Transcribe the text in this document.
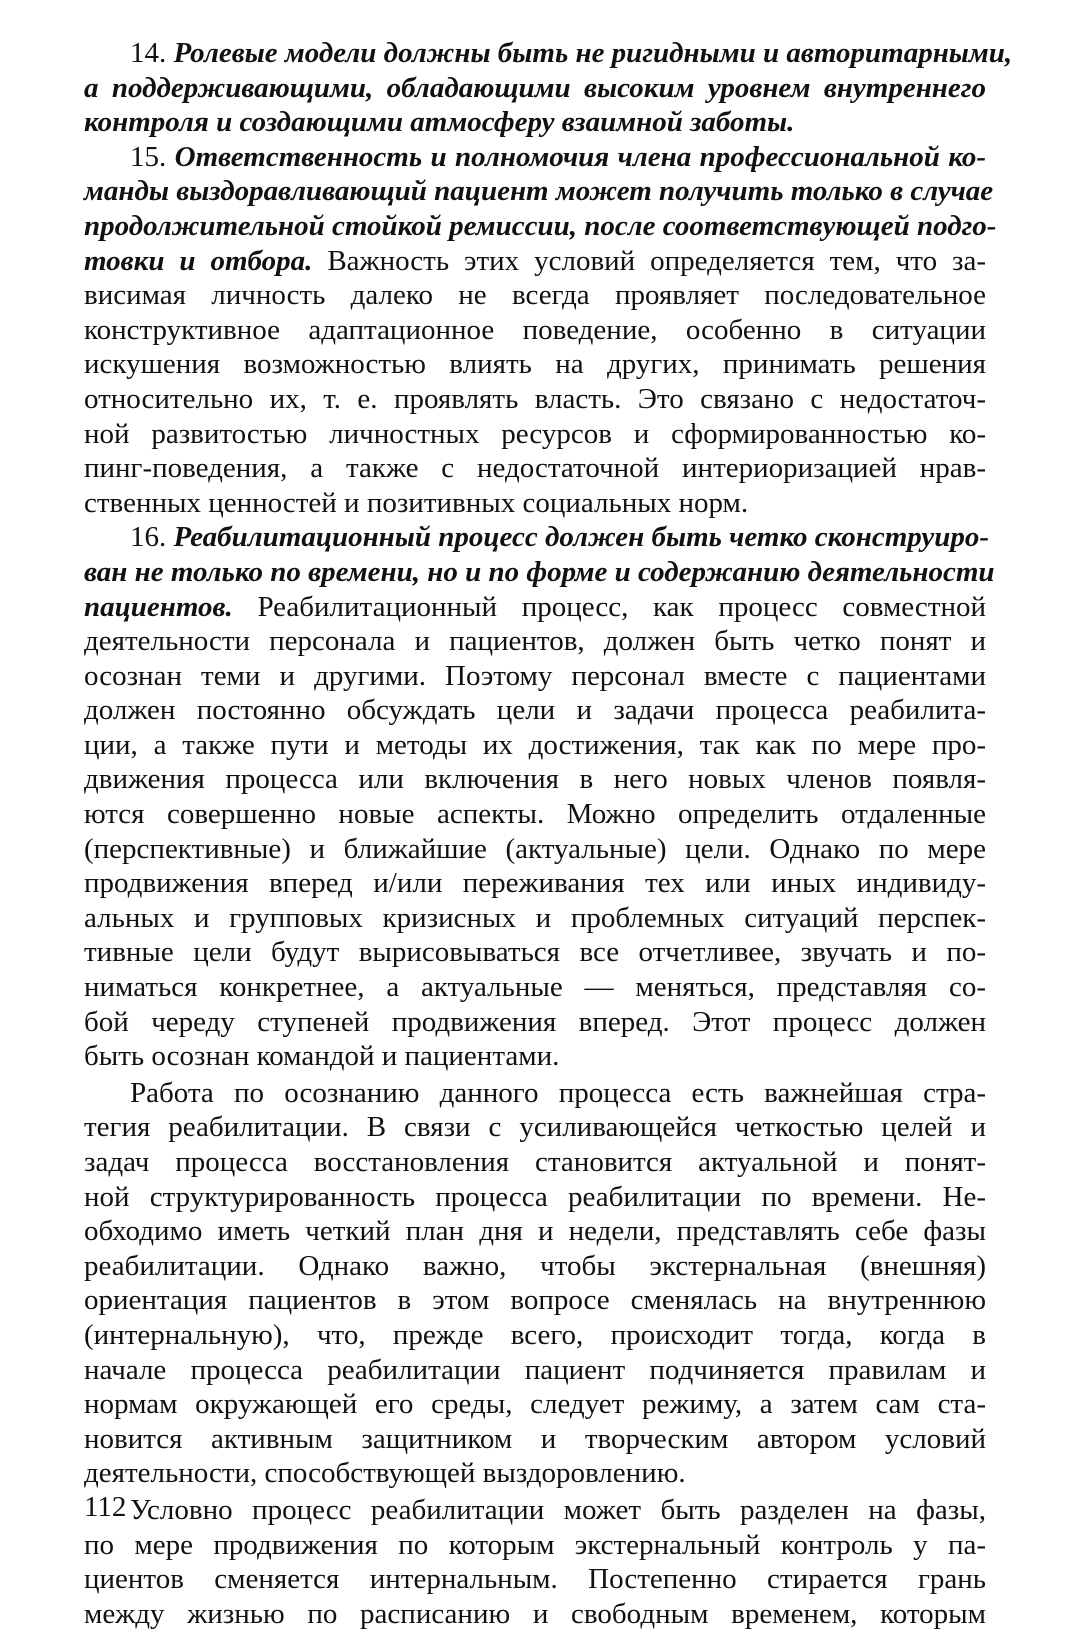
14. Ролевые модели должны быть не ригидными и авторитарными,
а поддерживающими, обладающими высоким уровнем внутреннего
контроля и создающими атмосферу взаимной заботы.
15. Ответственность и полномочия члена профессиональной ко-
манды выздоравливающий пациент может получить только в случае
продолжительной стойкой ремиссии, после соответствующей подго-
товки и отбора. Важность этих условий определяется тем, что за-
висимая личность далеко не всегда проявляет последовательное
конструктивное адаптационное поведение, особенно в ситуации
искушения возможностью влиять на других, принимать решения
относительно их, т. е. проявлять власть. Это связано с недостаточ-
ной развитостью личностных ресурсов и сформированностью ко-
пинг-поведения, а также с недостаточной интериоризацией нрав-
ственных ценностей и позитивных социальных норм.
16. Реабилитационный процесс должен быть четко сконструиро-
ван не только по времени, но и по форме и содержанию деятельности
пациентов. Реабилитационный процесс, как процесс совместной
деятельности персонала и пациентов, должен быть четко понят и
осознан теми и другими. Поэтому персонал вместе с пациентами
должен постоянно обсуждать цели и задачи процесса реабилита-
ции, а также пути и методы их достижения, так как по мере про-
движения процесса или включения в него новых членов появля-
ются совершенно новые аспекты. Можно определить отдаленные
(перспективные) и ближайшие (актуальные) цели. Однако по мере
продвижения вперед и/или переживания тех или иных индивиду-
альных и групповых кризисных и проблемных ситуаций перспек-
тивные цели будут вырисовываться все отчетливее, звучать и по-
ниматься конкретнее, а актуальные — меняться, представляя со-
бой череду ступеней продвижения вперед. Этот процесс должен
быть осознан командой и пациентами.
Работа по осознанию данного процесса есть важнейшая стра-
тегия реабилитации. В связи с усиливающейся четкостью целей и
задач процесса восстановления становится актуальной и понят-
ной структурированность процесса реабилитации по времени. Не-
обходимо иметь четкий план дня и недели, представлять себе фазы
реабилитации. Однако важно, чтобы экстернальная (внешняя)
ориентация пациентов в этом вопросе сменялась на внутреннюю
(интернальную), что, прежде всего, происходит тогда, когда в
начале процесса реабилитации пациент подчиняется правилам и
нормам окружающей его среды, следует режиму, а затем сам ста-
новится активным защитником и творческим автором условий
деятельности, способствующей выздоровлению.
Условно процесс реабилитации может быть разделен на фазы,
по мере продвижения по которым экстернальный контроль у па-
циентов сменяется интернальным. Постепенно стирается грань
между жизнью по расписанию и свободным временем, которым
112
